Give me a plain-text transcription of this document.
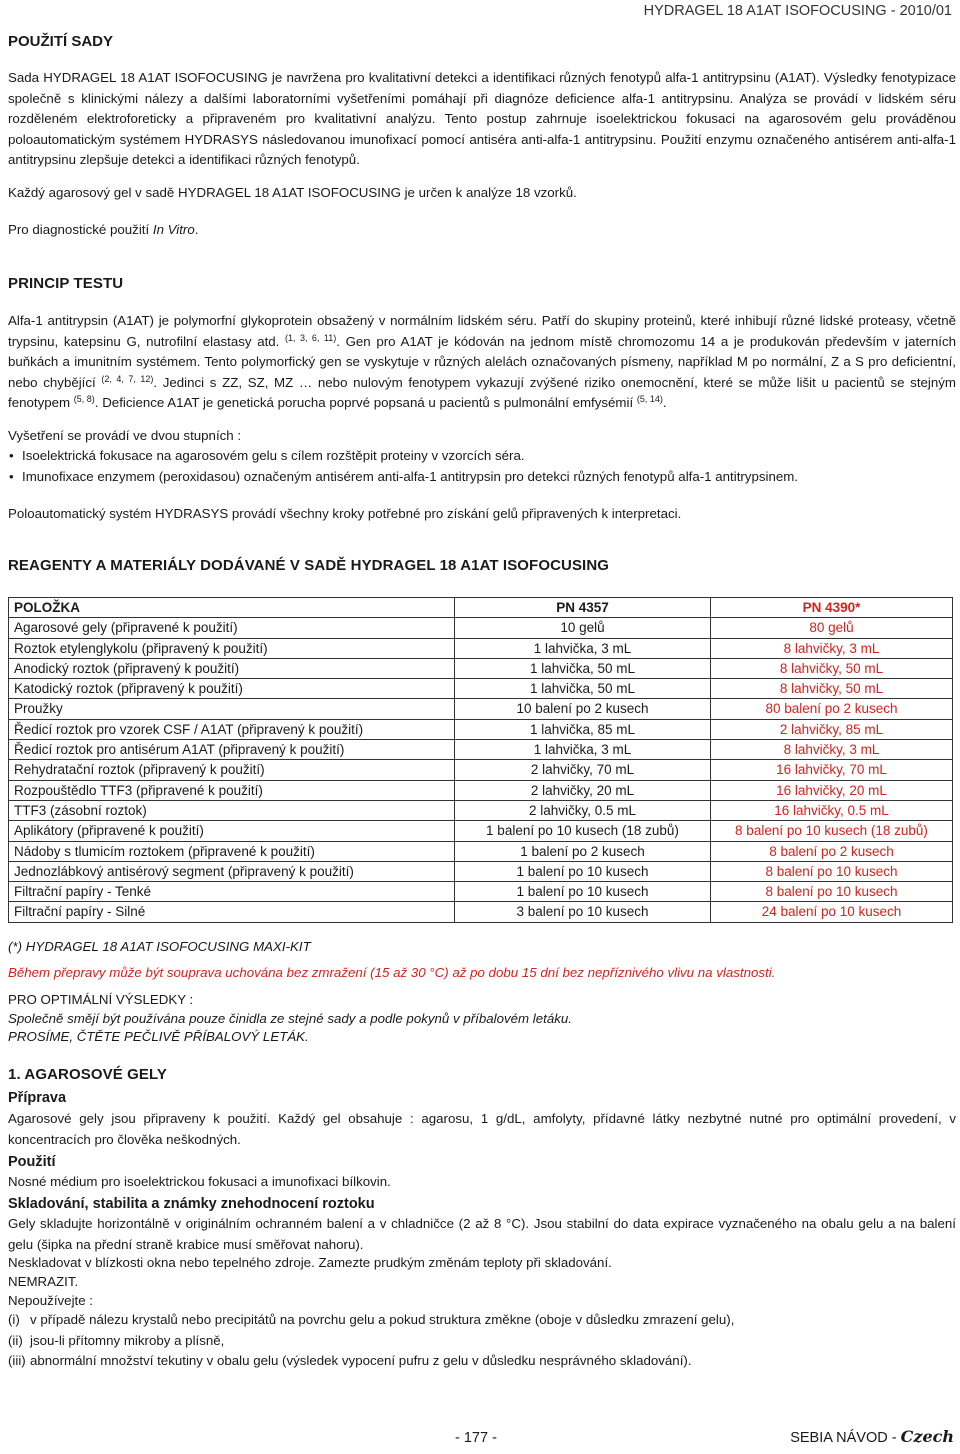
HYDRAGEL 18 A1AT ISOFOCUSING - 2010/01
POUŽITÍ SADY
Sada HYDRAGEL 18 A1AT ISOFOCUSING je navržena pro kvalitativní detekci a identifikaci různých fenotypů alfa-1 antitrypsinu (A1AT). Výsledky fenotypizace společně s klinickými nálezy a dalšími laboratorními vyšetřeními pomáhají při diagnóze deficience alfa-1 antitrypsinu. Analýza se provádí v lidském séru rozděleném elektroforeticky a připraveném pro kvalitativní analýzu. Tento postup zahrnuje isoelektrickou fokusaci na agarosovém gelu prováděnou poloautomatickým systémem HYDRASYS následovanou imunofixací pomocí antiséra anti-alfa-1 antitrypsinu. Použití enzymu označeného antisérem anti-alfa-1 antitrypsinu zlepšuje detekci a identifikaci různých fenotypů.
Každý agarosový gel v sadě HYDRAGEL 18 A1AT ISOFOCUSING je určen k analýze 18 vzorků.
Pro diagnostické použití In Vitro.
PRINCIP TESTU
Alfa-1 antitrypsin (A1AT) je polymorfní glykoprotein obsažený v normálním lidském séru. Patří do skupiny proteinů, které inhibují různé lidské proteasy, včetně trypsinu, katepsinu G, nutrofilní elastasy atd. $^{(1, 3, 6, 11)}$. Gen pro A1AT je kódován na jednom místě chromozomu 14 a je produkován především v jaterních buňkách a imunitním systémem. Tento polymorfický gen se vyskytuje v různých alelách označovaných písmeny, například M po normální, Z a S pro deficientní, nebo chybějící $^{(2, 4, 7, 12)}$. Jedinci s ZZ, SZ, MZ … nebo nulovým fenotypem vykazují zvýšené riziko onemocnění, které se může lišit u pacientů se stejným fenotypem $^{(5, 8)}$. Deficience A1AT je genetická porucha poprvé popsaná u pacientů s pulmonální emfysémií $^{(5, 14)}$.
Vyšetření se provádí ve dvou stupních :
• Isoelektrická fokusace na agarosovém gelu s cílem rozštěpit proteiny v vzorcích séra.
• Imunofixace enzymem (peroxidasou) označeným antisérem anti-alfa-1 antitrypsin pro detekci různých fenotypů alfa-1 antitrypsinem.
Poloautomatický systém HYDRASYS provádí všechny kroky potřebné pro získání gelů připravených k interpretaci.
REAGENTY A MATERIÁLY DODÁVANÉ V SADĚ HYDRAGEL 18 A1AT ISOFOCUSING
POLOŽKA	PN 4357	PN 4390*
Agarosové gely (připravené k použití)	10 gelů	80 gelů
Roztok etylenglykolu (připravený k použití)	1 lahvička, 3 mL	8 lahvičky, 3 mL
Anodický roztok (připravený k použití)	1 lahvička, 50 mL	8 lahvičky, 50 mL
Katodický roztok (připravený k použití)	1 lahvička, 50 mL	8 lahvičky, 50 mL
Proužky	10 balení po 2 kusech	80 balení po 2 kusech
Ředicí roztok pro vzorek CSF / A1AT (připravený k použití)	1 lahvička, 85 mL	2 lahvičky, 85 mL
Ředicí roztok pro antisérum A1AT (připravený k použití)	1 lahvička, 3 mL	8 lahvičky, 3 mL
Rehydratační roztok (připravený k použití)	2 lahvičky, 70 mL	16 lahvičky, 70 mL
Rozpouštědlo TTF3 (připravené k použití)	2 lahvičky, 20 mL	16 lahvičky, 20 mL
TTF3 (zásobní roztok)	2 lahvičky, 0.5 mL	16 lahvičky, 0.5 mL
Aplikátory (připravené k použití)	1 balení po 10 kusech (18 zubů)	8 balení po 10 kusech (18 zubů)
Nádoby s tlumicím roztokem (připravené k použití)	1 balení po 2 kusech	8 balení po 2 kusech
Jednozlábkový antisérový segment (připravený k použití)	1 balení po 10 kusech	8 balení po 10 kusech
Filtrační papíry - Tenké	1 balení po 10 kusech	8 balení po 10 kusech
Filtrační papíry - Silné	3 balení po 10 kusech	24 balení po 10 kusech
(*) HYDRAGEL 18 A1AT ISOFOCUSING MAXI-KIT
Během přepravy může být souprava uchována bez zmražení (15 až 30 °C) až po dobu 15 dní bez nepříznivého vlivu na vlastnosti.
PRO OPTIMÁLNÍ VÝSLEDKY :
Společně smějí být používána pouze činidla ze stejné sady a podle pokynů v příbalovém letáku.
PROSÍME, ČTĚTE PEČLIVĚ PŘÍBALOVÝ LETÁK.
1. AGAROSOVÉ GELY
Příprava
Agarosové gely jsou připraveny k použití. Každý gel obsahuje : agarosu, 1 g/dL, amfolyty, přídavné látky nezbytné nutné pro optimální provedení, v koncentracích pro člověka neškodných.
Použití
Nosné médium pro isoelektrickou fokusaci a imunofixaci bílkovin.
Skladování, stabilita a známky znehodnocení roztoku
Gely skladujte horizontálně v originálním ochranném balení a v chladničce (2 až 8 °C). Jsou stabilní do data expirace vyznačeného na obalu gelu a na balení gelu (šipka na přední straně krabice musí směřovat nahoru).
Neskladovat v blízkosti okna nebo tepelného zdroje. Zamezte prudkým změnám teploty při skladování.
NEMRAZIT.
Nepoužívejte :
(i) v případě nálezu krystalů nebo precipitátů na povrchu gelu a pokud struktura změkne (oboje v důsledku zmrazení gelu),
(ii) jsou-li přítomny mikroby a plísně,
(iii) abnormální množství tekutiny v obalu gelu (výsledek vypocení pufru z gelu v důsledku nesprávného skladování).
- 177 -	SEBIA NÁVOD - Czech
